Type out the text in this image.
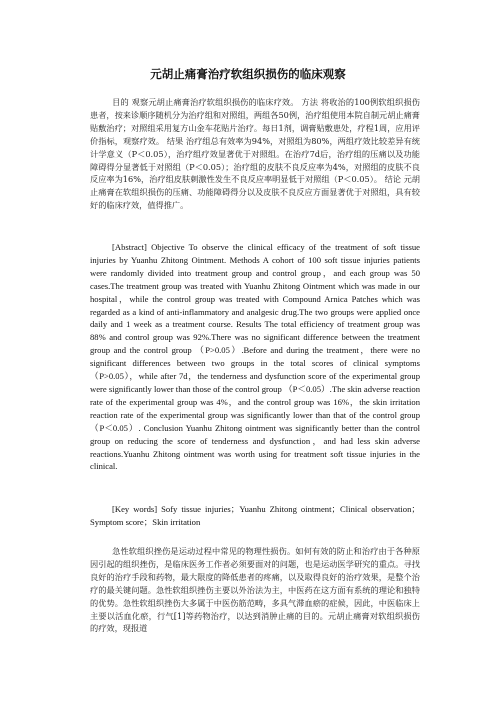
元胡止痛膏治疗软组织损伤的临床观察
目的 观察元胡止痛膏治疗软组织损伤的临床疗效。 方法 将收治的100例软组织损伤患者，按来诊顺序随机分为治疗组和对照组，两组各50例，治疗组使用本院自制元胡止痛膏贴敷治疗；对照组采用复方山金车花贴片治疗。每日1剂，调膏贴敷患处，疗程1周，应用评价指标，观察疗效。 结果 治疗组总有效率为94%，对照组为80%，两组疗效比较差异有统计学意义（P＜0.05），治疗组疗效显著优于对照组。在治疗7d后，治疗组的压痛以及功能障碍得分显著低于对照组（P＜0.05）；治疗组的皮肤不良反应率为4%，对照组的皮肤不良反应率为16%，治疗组皮肤刺激性发生不良反应率明显低于对照组（P＜0.05）。 结论 元胡止痛膏在软组织损伤的压痛、功能障碍得分以及皮肤不良反应方面显著优于对照组，具有较好的临床疗效，值得推广。
[Abstract] Objective To observe the clinical efficacy of the treatment of soft tissue injuries by Yuanhu Zhitong Ointment. Methods A cohort of 100 soft tissue injuries patients were randomly divided into treatment group and control group，and each group was 50 cases.The treatment group was treated with Yuanhu Zhitong Ointment which was made in our hospital，while the control group was treated with Compound Arnica Patches which was regarded as a kind of anti-inflammatory and analgesic drug.The two groups were applied once daily and 1 week as a treatment course. Results The total efficiency of treatment group was 88% and control group was 92%.There was no significant difference between the treatment group and the control group （P>0.05）.Before and during the treatment，there were no significant differences between two groups in the total scores of clinical symptoms （P>0.05），while after 7d，the tenderness and dysfunction score of the experimental group were significantly lower than those of the control group （P＜0.05）.The skin adverse reaction rate of the experimental group was 4%，and the control group was 16%，the skin irritation reaction rate of the experimental group was significantly lower than that of the control group （P＜0.05）. Conclusion Yuanhu Zhitong ointment was significantly better than the control group on reducing the score of tenderness and dysfunction，and had less skin adverse reactions.Yuanhu Zhitong ointment was worth using for treatment soft tissue injuries in the clinical.
[Key words] Sofy tissue injuries；Yuanhu Zhitong ointment；Clinical observation；Symptom score；Skin irritation
急性软组织挫伤是运动过程中常见的物理性损伤。如何有效的防止和治疗由于各种原因引起的组织挫伤，是临床医务工作者必须要面对的问题，也是运动医学研究的重点。寻找良好的治疗手段和药物，最大限度的降低患者的疼痛，以及取得良好的治疗效果，是整个治疗的最关键问题。急性软组织挫伤主要以外治法为主，中医药在这方面有系统的理论和独特的优势。急性软组织挫伤大多属于中医伤筋范畴，多具气滞血瘀的症候，因此，中医临床上主要以活血化瘀，行气[1]等药物治疗，以达到消肿止痛的目的。元胡止痛膏对软组织损伤的疗效，现报道
